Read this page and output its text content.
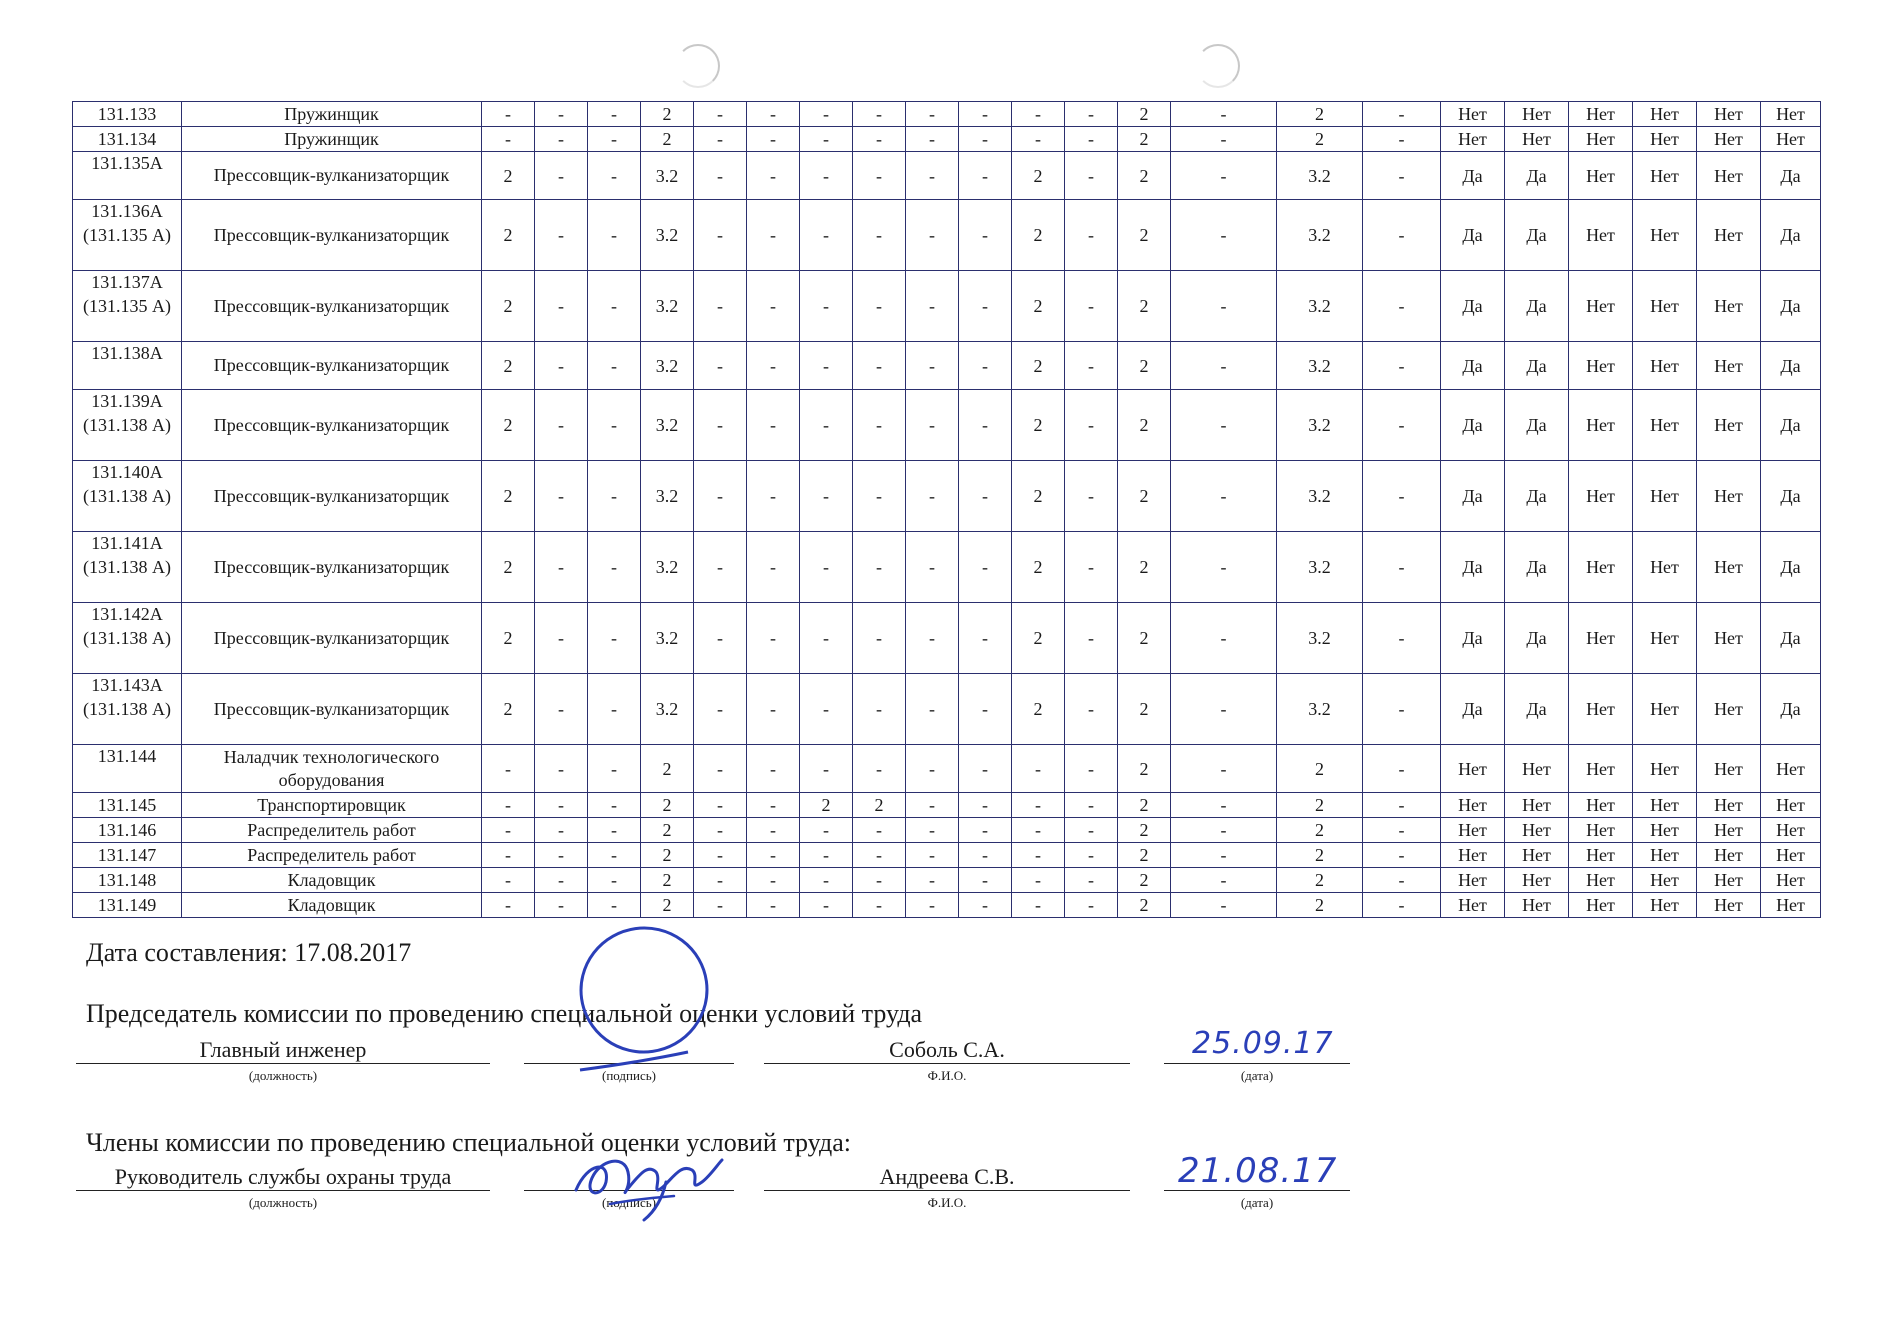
131.133	Пружинщик	-	-	-	2	-	-	-	-	-	-	-	-	2	-	2	-	Нет	Нет	Нет	Нет	Нет	Нет
131.134	Пружинщик	-	-	-	2	-	-	-	-	-	-	-	-	2	-	2	-	Нет	Нет	Нет	Нет	Нет	Нет
131.135А	Прессовщик-вулканизаторщик	2	-	-	3.2	-	-	-	-	-	-	2	-	2	-	3.2	-	Да	Да	Нет	Нет	Нет	Да
131.136А (131.135 А)	Прессовщик-вулканизаторщик	2	-	-	3.2	-	-	-	-	-	-	2	-	2	-	3.2	-	Да	Да	Нет	Нет	Нет	Да
131.137А (131.135 А)	Прессовщик-вулканизаторщик	2	-	-	3.2	-	-	-	-	-	-	2	-	2	-	3.2	-	Да	Да	Нет	Нет	Нет	Да
131.138А	Прессовщик-вулканизаторщик	2	-	-	3.2	-	-	-	-	-	-	2	-	2	-	3.2	-	Да	Да	Нет	Нет	Нет	Да
131.139А (131.138 А)	Прессовщик-вулканизаторщик	2	-	-	3.2	-	-	-	-	-	-	2	-	2	-	3.2	-	Да	Да	Нет	Нет	Нет	Да
131.140А (131.138 А)	Прессовщик-вулканизаторщик	2	-	-	3.2	-	-	-	-	-	-	2	-	2	-	3.2	-	Да	Да	Нет	Нет	Нет	Да
131.141А (131.138 А)	Прессовщик-вулканизаторщик	2	-	-	3.2	-	-	-	-	-	-	2	-	2	-	3.2	-	Да	Да	Нет	Нет	Нет	Да
131.142А (131.138 А)	Прессовщик-вулканизаторщик	2	-	-	3.2	-	-	-	-	-	-	2	-	2	-	3.2	-	Да	Да	Нет	Нет	Нет	Да
131.143А (131.138 А)	Прессовщик-вулканизаторщик	2	-	-	3.2	-	-	-	-	-	-	2	-	2	-	3.2	-	Да	Да	Нет	Нет	Нет	Да
131.144	Наладчик технологического оборудования	-	-	-	2	-	-	-	-	-	-	-	-	2	-	2	-	Нет	Нет	Нет	Нет	Нет	Нет
131.145	Транспортировщик	-	-	-	2	-	-	2	2	-	-	-	-	2	-	2	-	Нет	Нет	Нет	Нет	Нет	Нет
131.146	Распределитель работ	-	-	-	2	-	-	-	-	-	-	-	-	2	-	2	-	Нет	Нет	Нет	Нет	Нет	Нет
131.147	Распределитель работ	-	-	-	2	-	-	-	-	-	-	-	-	2	-	2	-	Нет	Нет	Нет	Нет	Нет	Нет
131.148	Кладовщик	-	-	-	2	-	-	-	-	-	-	-	-	2	-	2	-	Нет	Нет	Нет	Нет	Нет	Нет
131.149	Кладовщик	-	-	-	2	-	-	-	-	-	-	-	-	2	-	2	-	Нет	Нет	Нет	Нет	Нет	Нет
Дата составления: 17.08.2017
Председатель комиссии по проведению специальной оценки условий труда
Главный инженер	Соболь С.А.	25.09.17
(должность)	(подпись)	Ф.И.О.	(дата)
Члены комиссии по проведению специальной оценки условий труда:
Руководитель службы охраны труда	Андреева С.В.	21.08.17
(должность)	(подпись)	Ф.И.О.	(дата)
